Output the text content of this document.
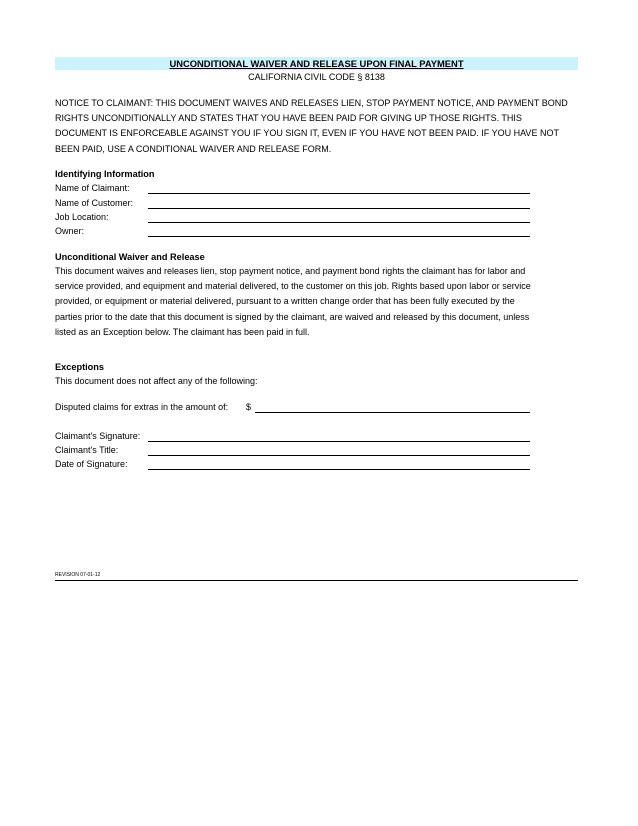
UNCONDITIONAL WAIVER AND RELEASE UPON FINAL PAYMENT
CALIFORNIA CIVIL CODE § 8138
NOTICE TO CLAIMANT: THIS DOCUMENT WAIVES AND RELEASES LIEN, STOP PAYMENT NOTICE, AND PAYMENT BOND
RIGHTS UNCONDITIONALLY AND STATES THAT YOU HAVE BEEN PAID FOR GIVING UP THOSE RIGHTS. THIS
DOCUMENT IS ENFORCEABLE AGAINST YOU IF YOU SIGN IT, EVEN IF YOU HAVE NOT BEEN PAID. IF YOU HAVE NOT
BEEN PAID, USE A CONDITIONAL WAIVER AND RELEASE FORM.
Identifying Information
Name of Claimant:
Name of Customer:
Job Location:
Owner:
Unconditional Waiver and Release
This document waives and releases lien, stop payment notice, and payment bond rights the claimant has for labor and
service provided, and equipment and material delivered, to the customer on this job. Rights based upon labor or service
provided, or equipment or material delivered, pursuant to a written change order that has been fully executed by the
parties prior to the date that this document is signed by the claimant, are waived and released by this document, unless
listed as an Exception below. The claimant has been paid in full.
Exceptions
This document does not affect any of the following:
Disputed claims for extras in the amount of: $
Claimant's Signature:
Claimant's Title:
Date of Signature:
REVISION 07-01-12
